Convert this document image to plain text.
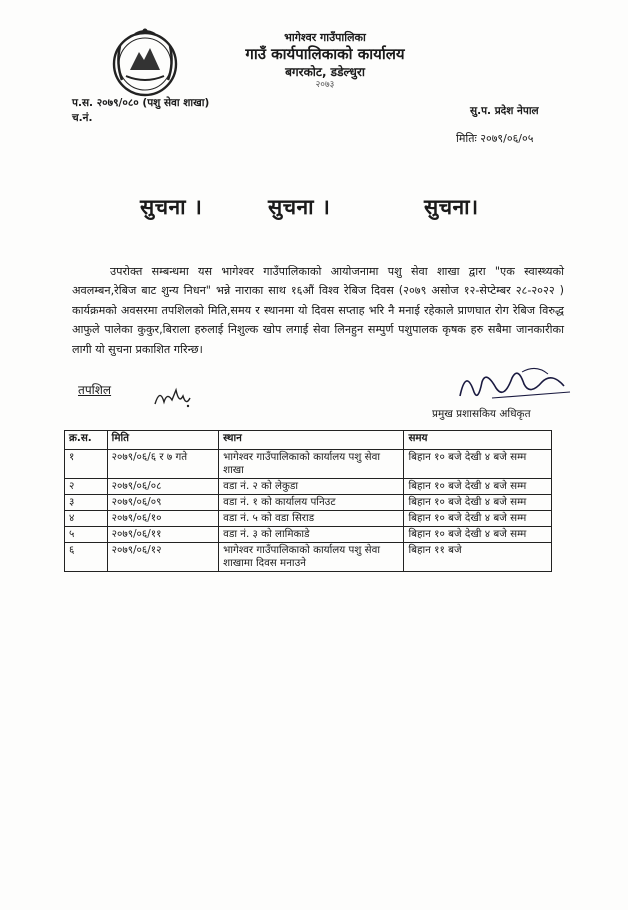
भागेश्वर गाउँपालिका
गाउँ कार्यपालिकाको कार्यालय
बगरकोट, डडेल्धुरा
२०७३
प.स. २०७९/०८० (पशु सेवा शाखा)
च.नं.
सु.प. प्रदेश नेपाल
मितिः २०७९/०६/०५
सुचना ।	सुचना ।	सुचना।
उपरोक्त सम्बन्धमा यस भागेश्वर गाउँपालिकाको आयोजनामा पशु सेवा शाखा द्वारा "एक स्वास्थ्यको अवलम्बन,रेबिज बाट शुन्य निधन" भन्ने नाराका साथ १६औं विश्व रेबिज दिवस (२०७९ असोज १२-सेप्टेम्बर २८-२०२२ ) कार्यक्रमको अवसरमा तपशिलको मिति,समय र स्थानमा यो दिवस सप्ताह भरि नै मनाई रहेकाले प्राणघात रोग रेबिज विरुद्ध आफुले पालेका कुकुर,बिराला हरुलाई निशुल्क खोप लगाई सेवा लिनहुन सम्पुर्ण पशुपालक कृषक हरु सबैमा जानकारीका लागी यो सुचना प्रकाशित गरिन्छ।
तपशिल
प्रमुख प्रशासकिय अधिकृत
क्र.स.	मिति	स्थान	समय
१	२०७९/०६/६ र ७ गते	भागेश्वर गाउँपालिकाको कार्यालय पशु सेवा शाखा	बिहान १० बजे देखी ४ बजे सम्म
२	२०७९/०६/०८	वडा नं. २ को लेकुडा	बिहान १० बजे देखी ४ बजे सम्म
३	२०७९/०६/०९	वडा नं. १ को कार्यालय पनिउट	बिहान १० बजे देखी ४ बजे सम्म
४	२०७९/०६/१०	वडा नं. ५ को वडा सिराड	बिहान १० बजे देखी ४ बजे सम्म
५	२०७९/०६/११	वडा नं. ३ को लामिकाडे	बिहान १० बजे देखी ४ बजे सम्म
६	२०७९/०६/१२	भागेश्वर गाउँपालिकाको कार्यालय पशु सेवा शाखामा दिवस मनाउने	बिहान ११ बजे
